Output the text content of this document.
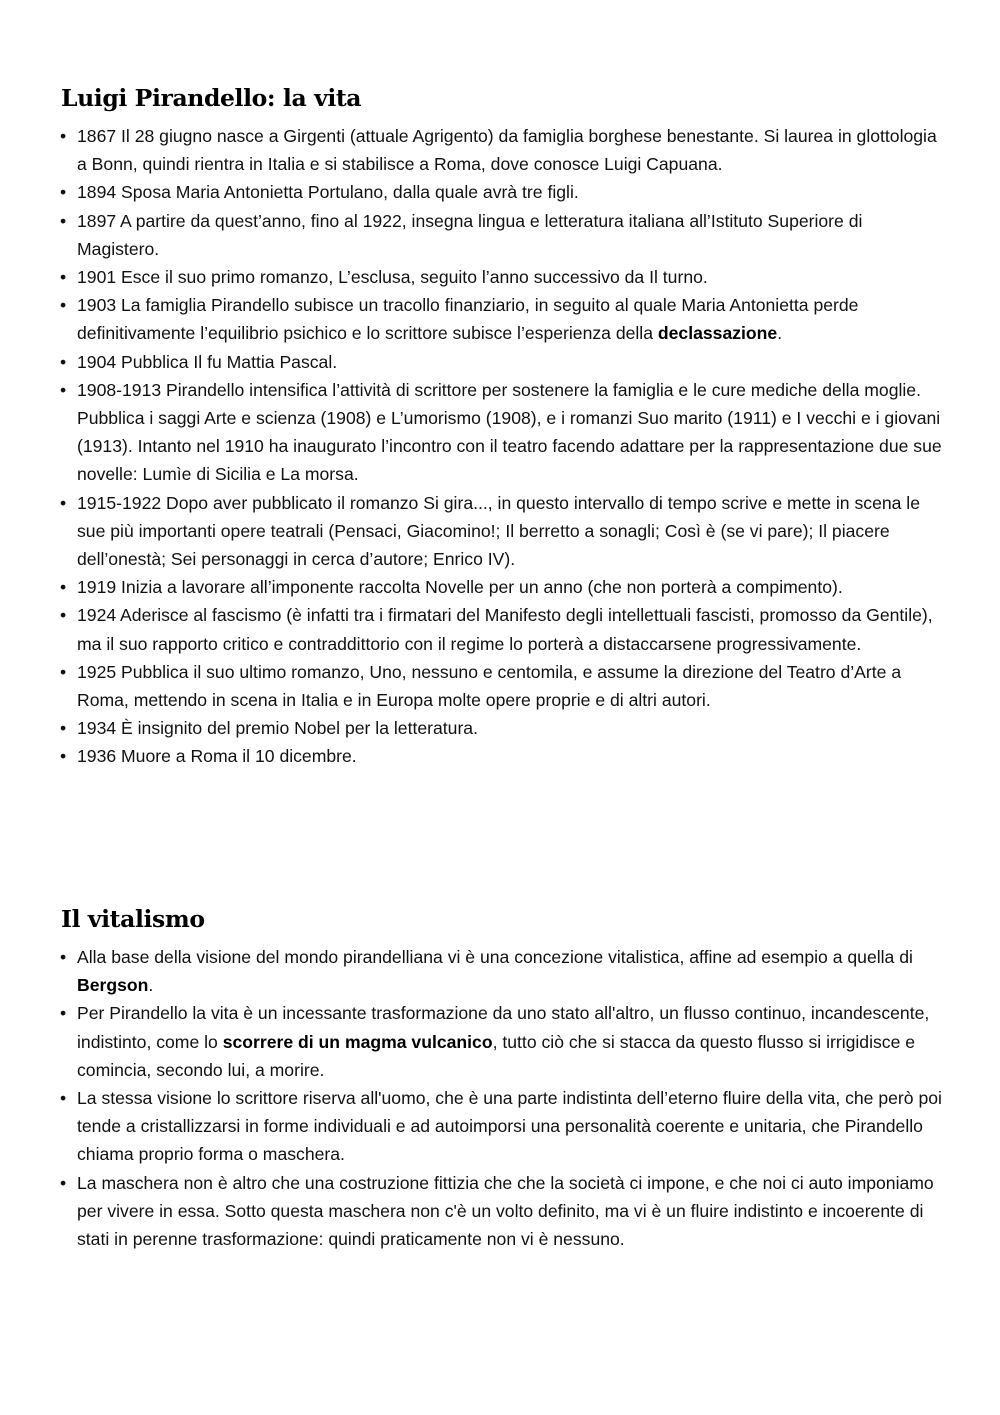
Luigi Pirandello: la vita
• 1867 Il 28 giugno nasce a Girgenti (attuale Agrigento) da famiglia borghese benestante. Si laurea in glottologia a Bonn, quindi rientra in Italia e si stabilisce a Roma, dove conosce Luigi Capuana.
• 1894 Sposa Maria Antonietta Portulano, dalla quale avrà tre figli.
• 1897 A partire da quest’anno, fino al 1922, insegna lingua e letteratura italiana all’Istituto Superiore di Magistero.
• 1901 Esce il suo primo romanzo, L’esclusa, seguito l’anno successivo da Il turno.
• 1903 La famiglia Pirandello subisce un tracollo finanziario, in seguito al quale Maria Antonietta perde definitivamente l’equilibrio psichico e lo scrittore subisce l’esperienza della declassazione.
• 1904 Pubblica Il fu Mattia Pascal.
• 1908-1913 Pirandello intensifica l’attività di scrittore per sostenere la famiglia e le cure mediche della moglie. Pubblica i saggi Arte e scienza (1908) e L’umorismo (1908), e i romanzi Suo marito (1911) e I vecchi e i giovani (1913). Intanto nel 1910 ha inaugurato l’incontro con il teatro facendo adattare per la rappresentazione due sue novelle: Lumìe di Sicilia e La morsa.
• 1915-1922 Dopo aver pubblicato il romanzo Si gira..., in questo intervallo di tempo scrive e mette in scena le sue più importanti opere teatrali (Pensaci, Giacomino!; Il berretto a sonagli; Così è (se vi pare); Il piacere dell’onestà; Sei personaggi in cerca d’autore; Enrico IV).
• 1919 Inizia a lavorare all’imponente raccolta Novelle per un anno (che non porterà a compimento).
• 1924 Aderisce al fascismo (è infatti tra i firmatari del Manifesto degli intellettuali fascisti, promosso da Gentile), ma il suo rapporto critico e contraddittorio con il regime lo porterà a distaccarsene progressivamente.
• 1925 Pubblica il suo ultimo romanzo, Uno, nessuno e centomila, e assume la direzione del Teatro d’Arte a Roma, mettendo in scena in Italia e in Europa molte opere proprie e di altri autori.
• 1934 È insignito del premio Nobel per la letteratura.
• 1936 Muore a Roma il 10 dicembre.
Il vitalismo
• Alla base della visione del mondo pirandelliana vi è una concezione vitalistica, affine ad esempio a quella di Bergson.
• Per Pirandello la vita è un incessante trasformazione da uno stato all'altro, un flusso continuo, incandescente, indistinto, come lo scorrere di un magma vulcanico, tutto ciò che si stacca da questo flusso si irrigidisce e comincia, secondo lui, a morire.
• La stessa visione lo scrittore riserva all'uomo, che è una parte indistinta dell’eterno fluire della vita, che però poi tende a cristallizzarsi in forme individuali e ad autoimporsi una personalità coerente e unitaria, che Pirandello chiama proprio forma o maschera.
• La maschera non è altro che una costruzione fittizia che che la società ci impone, e che noi ci auto imponiamo per vivere in essa. Sotto questa maschera non c'è un volto definito, ma vi è un fluire indistinto e incoerente di stati in perenne trasformazione: quindi praticamente non vi è nessuno.
